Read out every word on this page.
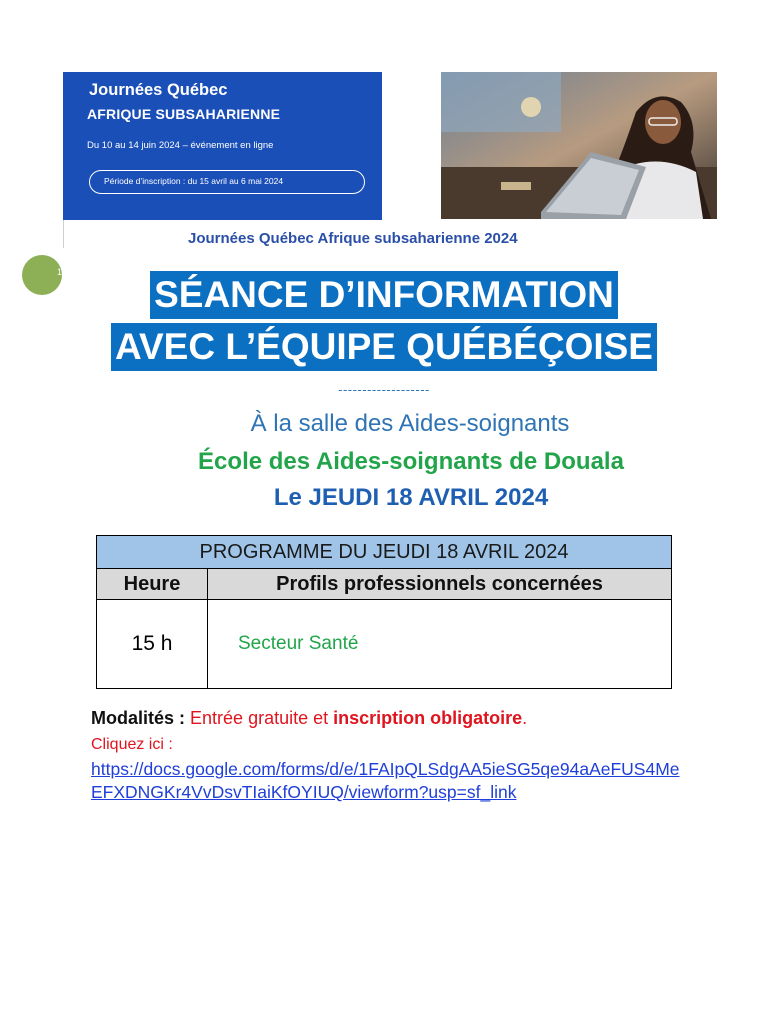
Journées Québec
AFRIQUE SUBSAHARIENNE
Du 10 au 14 juin 2024 – événement en ligne
Période d’inscription : du 15 avril au 6 mai 2024
Journées Québec Afrique subsaharienne 2024
1
SÉANCE D’INFORMATION
AVEC L’ÉQUIPE QUÉBÉÇOISE
-------------------
À la salle des Aides-soignants
École des Aides-soignants de Douala
Le JEUDI 18 AVRIL 2024
PROGRAMME DU JEUDI 18 AVRIL 2024	
Heure	Profils professionnels concernées
15 h	Secteur Santé
Modalités : Entrée gratuite et inscription obligatoire.
Cliquez ici :
https://docs.google.com/forms/d/e/1FAIpQLSdgAA5ieSG5qe94aAeFUS4MeEFXDNGKr4VvDsvTIaiKfOYIUQ/viewform?usp=sf_link
